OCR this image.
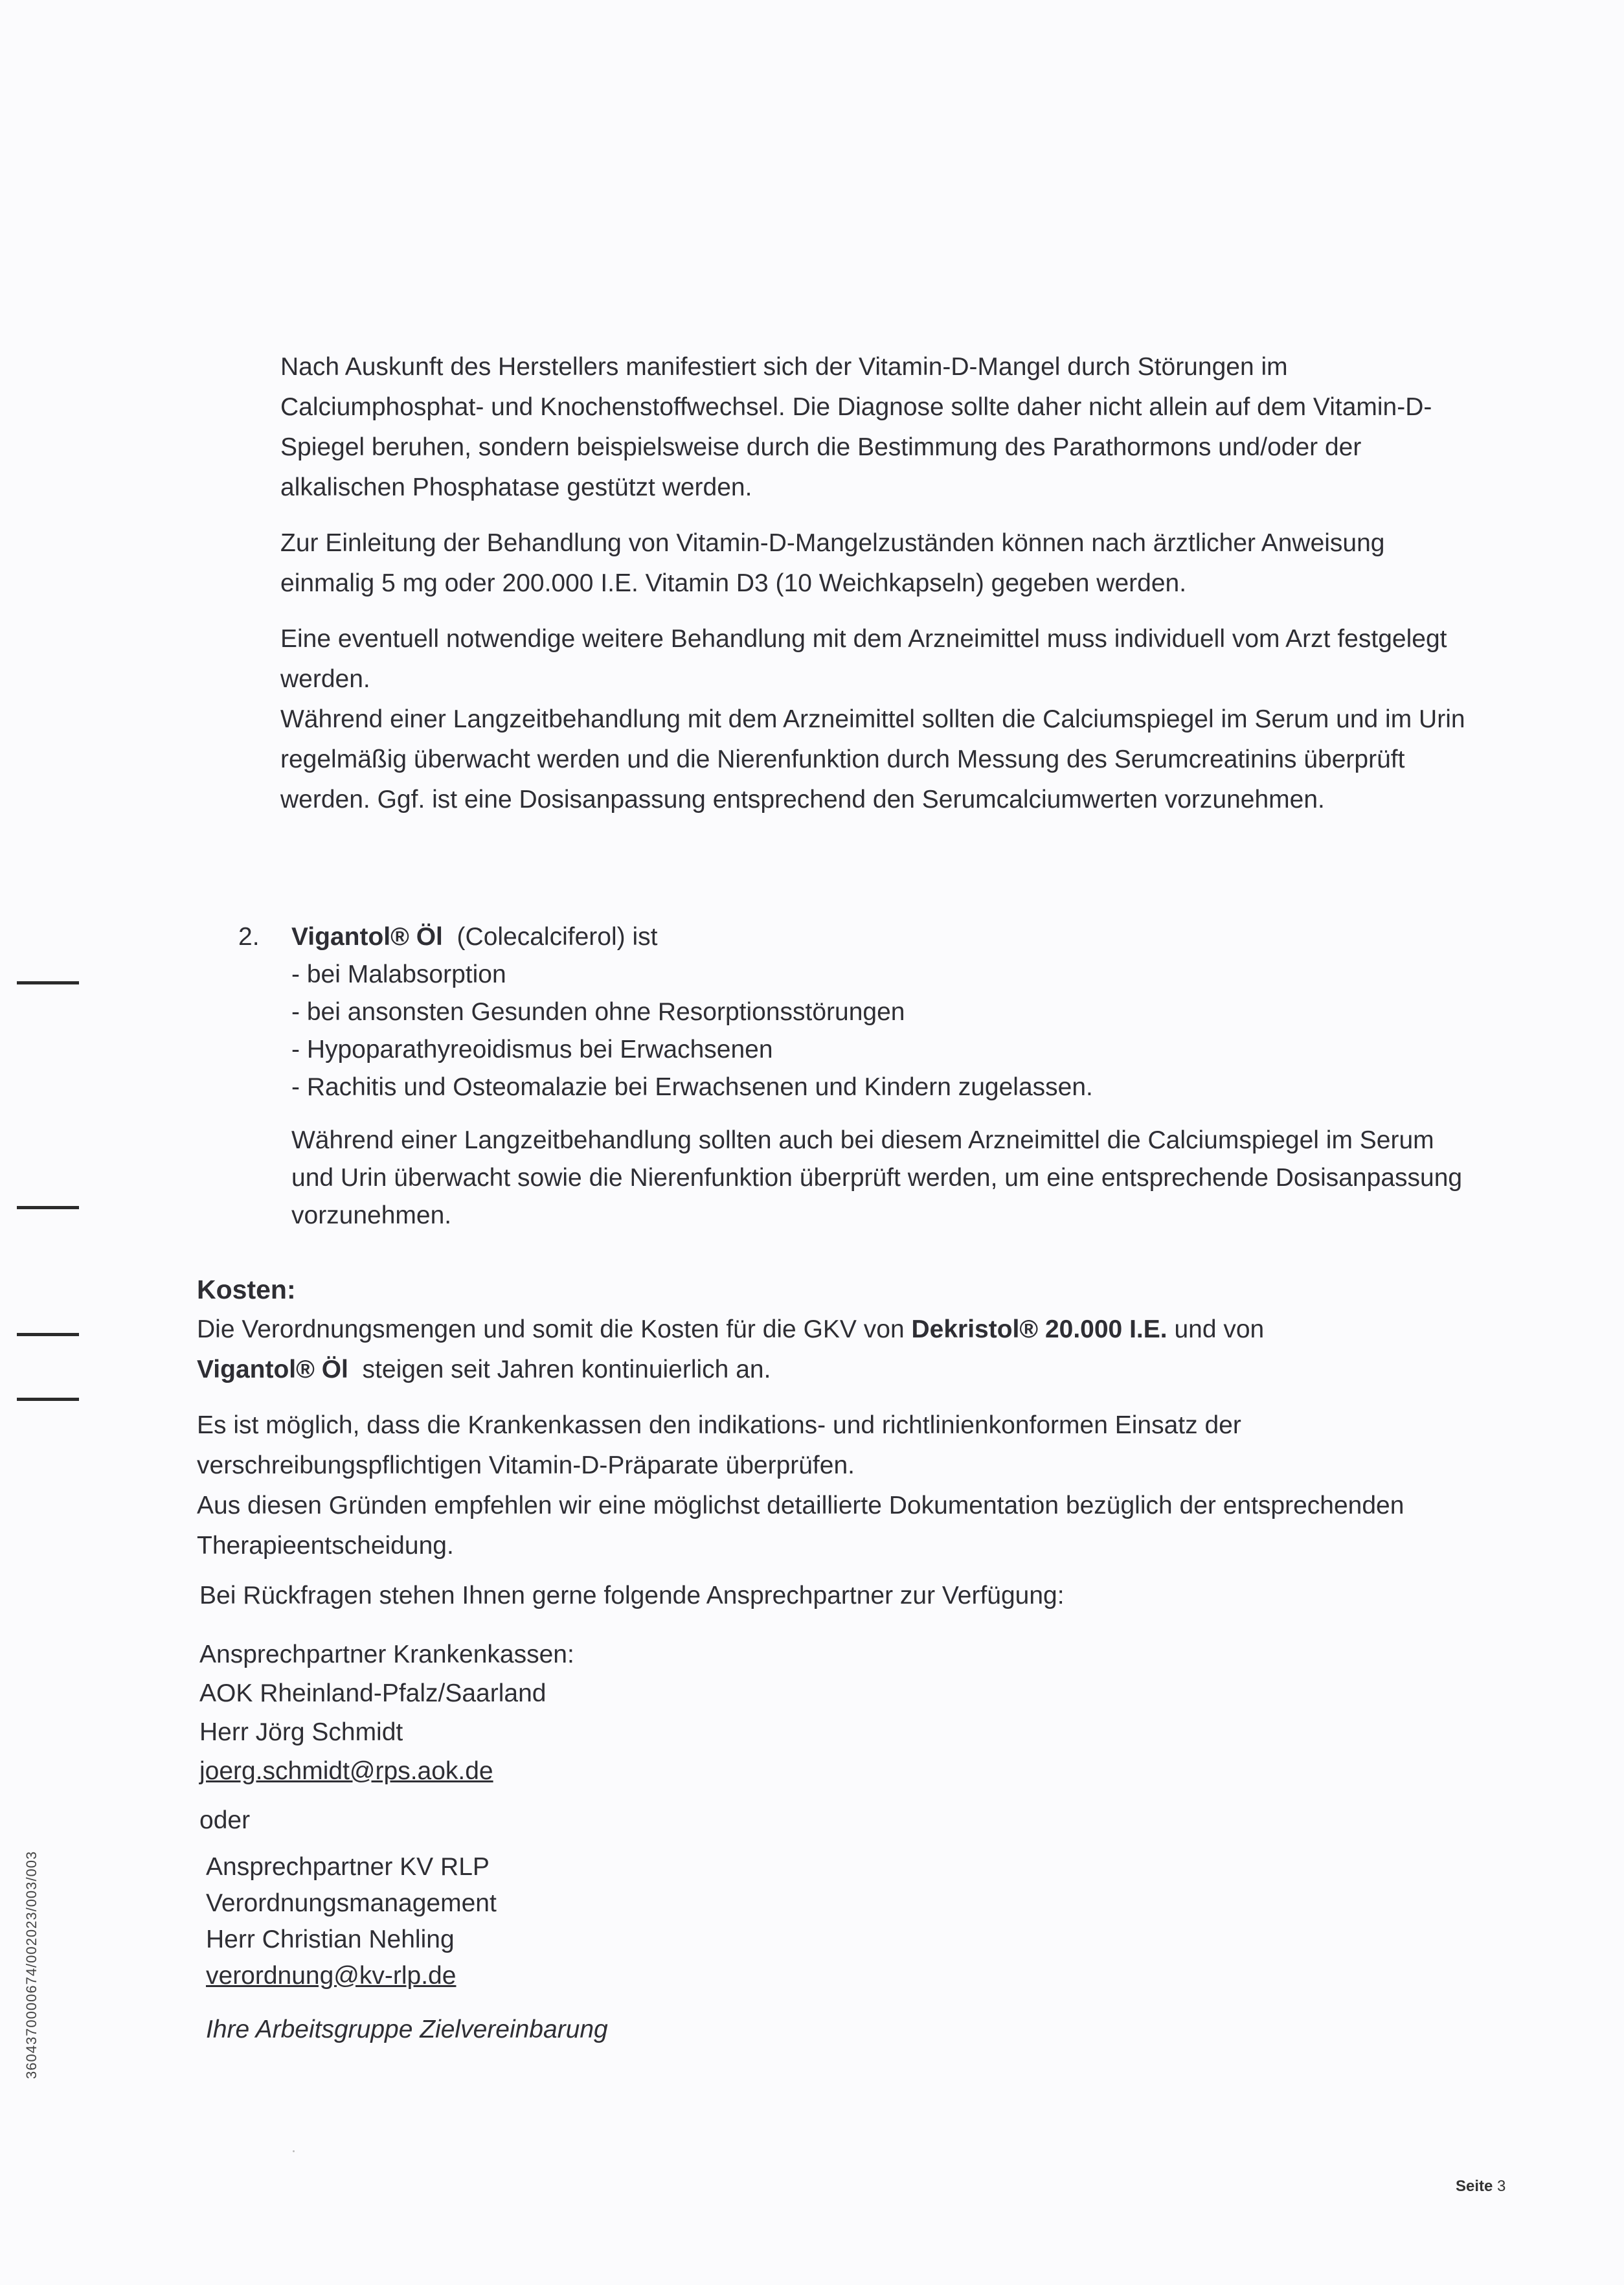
Nach Auskunft des Herstellers manifestiert sich der Vitamin-D-Mangel durch Störungen im Calciumphosphat- und Knochenstoffwechsel. Die Diagnose sollte daher nicht allein auf dem Vitamin-D-Spiegel beruhen, sondern beispielsweise durch die Bestimmung des Parathormons und/oder der alkalischen Phosphatase gestützt werden.

Zur Einleitung der Behandlung von Vitamin-D-Mangelzuständen können nach ärztlicher Anweisung einmalig 5 mg oder 200.000 I.E. Vitamin D3 (10 Weichkapseln) gegeben werden.

Eine eventuell notwendige weitere Behandlung mit dem Arzneimittel muss individuell vom Arzt festgelegt werden.

Während einer Langzeitbehandlung mit dem Arzneimittel sollten die Calciumspiegel im Serum und im Urin regelmäßig überwacht werden und die Nierenfunktion durch Messung des Serumcreatinins überprüft werden. Ggf. ist eine Dosisanpassung entsprechend den Serumcalciumwerten vorzunehmen.

2.	Vigantol® Öl (Colecalciferol) ist

- bei Malabsorption

- bei ansonsten Gesunden ohne Resorptionsstörungen

- Hypoparathyreoidismus bei Erwachsenen

- Rachitis und Osteomalazie bei Erwachsenen und Kindern zugelassen.

Während einer Langzeitbehandlung sollten auch bei diesem Arzneimittel die Calciumspiegel im Serum und Urin überwacht sowie die Nierenfunktion überprüft werden, um eine entsprechende Dosisanpassung vorzunehmen.

Kosten:

Die Verordnungsmengen und somit die Kosten für die GKV von Dekristol® 20.000 I.E. und von

Vigantol® Öl steigen seit Jahren kontinuierlich an.

Es ist möglich, dass die Krankenkassen den indikations- und richtlinienkonformen Einsatz der verschreibungspflichtigen Vitamin-D-Präparate überprüfen.

Aus diesen Gründen empfehlen wir eine möglichst detaillierte Dokumentation bezüglich der entsprechenden Therapieentscheidung.

Bei Rückfragen stehen Ihnen gerne folgende Ansprechpartner zur Verfügung:

Ansprechpartner Krankenkassen:

AOK Rheinland-Pfalz/Saarland

Herr Jörg Schmidt

joerg.schmidt@rps.aok.de

oder

Ansprechpartner KV RLP

Verordnungsmanagement

Herr Christian Nehling

verordnung@kv-rlp.de

Ihre Arbeitsgruppe Zielvereinbarung
3604370000674/002023/003/003
Seite 3
